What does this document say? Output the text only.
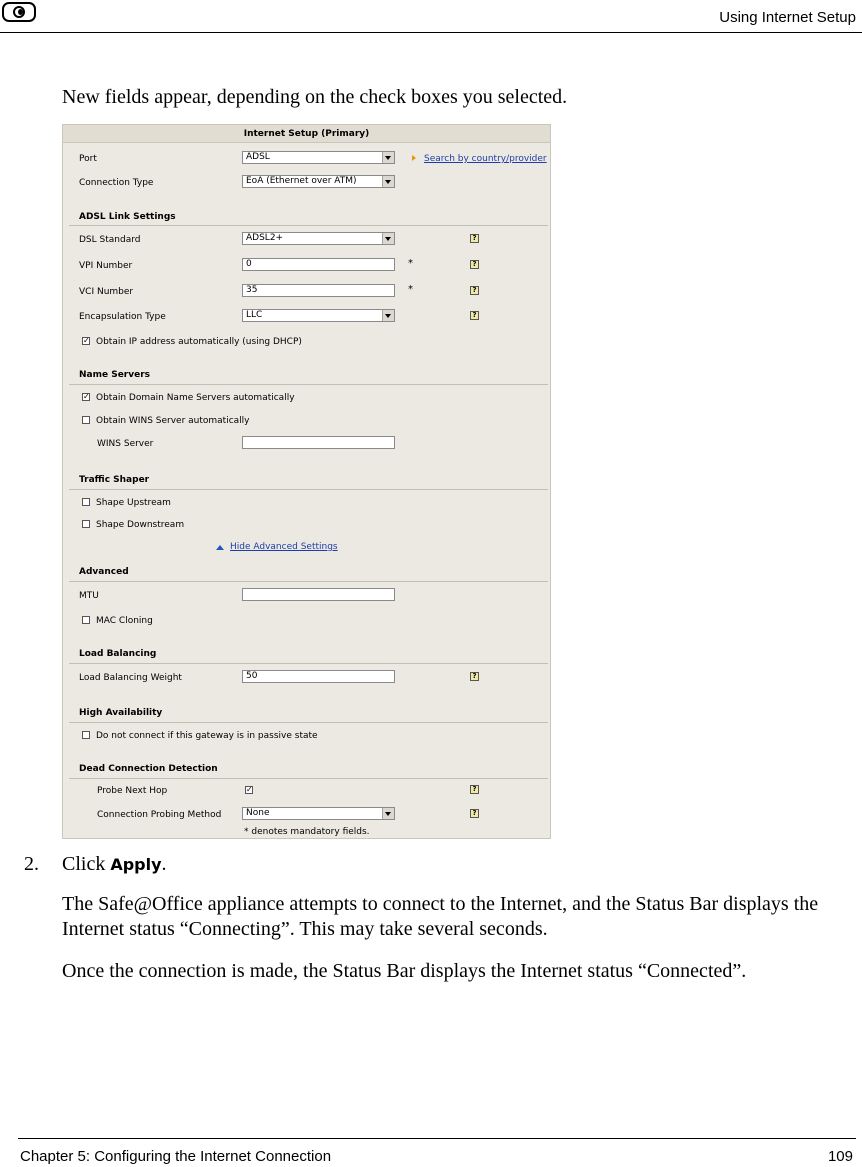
Using Internet Setup
New fields appear, depending on the check boxes you selected.
Internet Setup (Primary)
Port	ADSL	Search by country/provider
Connection Type	EoA (Ethernet over ATM)
ADSL Link Settings
DSL Standard	ADSL2+	?
VPI Number	0	*	?
VCI Number	35	*	?
Encapsulation Type	LLC	?
✓ Obtain IP address automatically (using DHCP)
Name Servers
✓ Obtain Domain Name Servers automatically
Obtain WINS Server automatically
WINS Server
Traffic Shaper
Shape Upstream
Shape Downstream
Hide Advanced Settings
Advanced
MTU
MAC Cloning
Load Balancing
Load Balancing Weight	50	?
High Availability
Do not connect if this gateway is in passive state
Dead Connection Detection
Probe Next Hop	✓	?
Connection Probing Method	None	?
* denotes mandatory fields.
2. Click Apply.
The Safe@Office appliance attempts to connect to the Internet, and the Status Bar displays the Internet status “Connecting”. This may take several seconds.
Once the connection is made, the Status Bar displays the Internet status “Connected”.
Chapter 5: Configuring the Internet Connection	109
